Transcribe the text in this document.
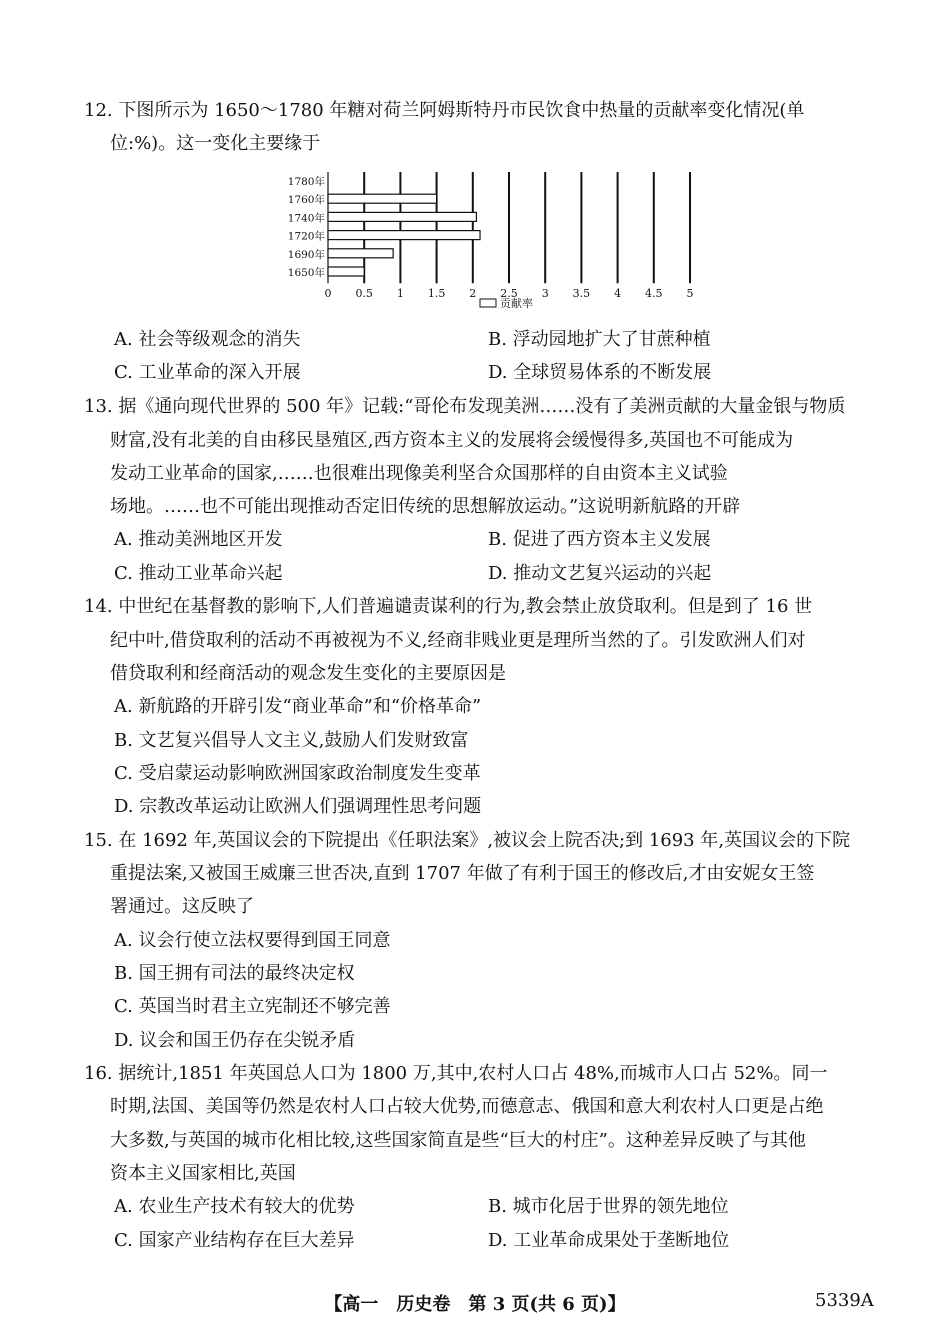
12. 下图所示为 1650～1780 年糖对荷兰阿姆斯特丹市民饮食中热量的贡献率变化情况(单
位:%)。这一变化主要缘于
1780年
1760年
1740年
1720年
1690年
1650年
0 0.5 1 1.5 2 2.5 3 3.5 4 4.5 5
贡献率
A. 社会等级观念的消失	B. 浮动园地扩大了甘蔗种植
C. 工业革命的深入开展	D. 全球贸易体系的不断发展
13. 据《通向现代世界的 500 年》记载:“哥伦布发现美洲……没有了美洲贡献的大量金银与物质
财富,没有北美的自由移民垦殖区,西方资本主义的发展将会缓慢得多,英国也不可能成为
发动工业革命的国家,……也很难出现像美利坚合众国那样的自由资本主义试验
场地。……也不可能出现推动否定旧传统的思想解放运动。”这说明新航路的开辟
A. 推动美洲地区开发	B. 促进了西方资本主义发展
C. 推动工业革命兴起	D. 推动文艺复兴运动的兴起
14. 中世纪在基督教的影响下,人们普遍谴责谋利的行为,教会禁止放贷取利。但是到了 16 世
纪中叶,借贷取利的活动不再被视为不义,经商非贱业更是理所当然的了。引发欧洲人们对
借贷取利和经商活动的观念发生变化的主要原因是
A. 新航路的开辟引发“商业革命”和“价格革命”
B. 文艺复兴倡导人文主义,鼓励人们发财致富
C. 受启蒙运动影响欧洲国家政治制度发生变革
D. 宗教改革运动让欧洲人们强调理性思考问题
15. 在 1692 年,英国议会的下院提出《任职法案》,被议会上院否决;到 1693 年,英国议会的下院
重提法案,又被国王威廉三世否决,直到 1707 年做了有利于国王的修改后,才由安妮女王签
署通过。这反映了
A. 议会行使立法权要得到国王同意
B. 国王拥有司法的最终决定权
C. 英国当时君主立宪制还不够完善
D. 议会和国王仍存在尖锐矛盾
16. 据统计,1851 年英国总人口为 1800 万,其中,农村人口占 48%,而城市人口占 52%。同一
时期,法国、美国等仍然是农村人口占较大优势,而德意志、俄国和意大利农村人口更是占绝
大多数,与英国的城市化相比较,这些国家简直是些“巨大的村庄”。这种差异反映了与其他
资本主义国家相比,英国
A. 农业生产技术有较大的优势	B. 城市化居于世界的领先地位
C. 国家产业结构存在巨大差异	D. 工业革命成果处于垄断地位
【高一　历史卷　第 3 页(共 6 页)】	5339A
